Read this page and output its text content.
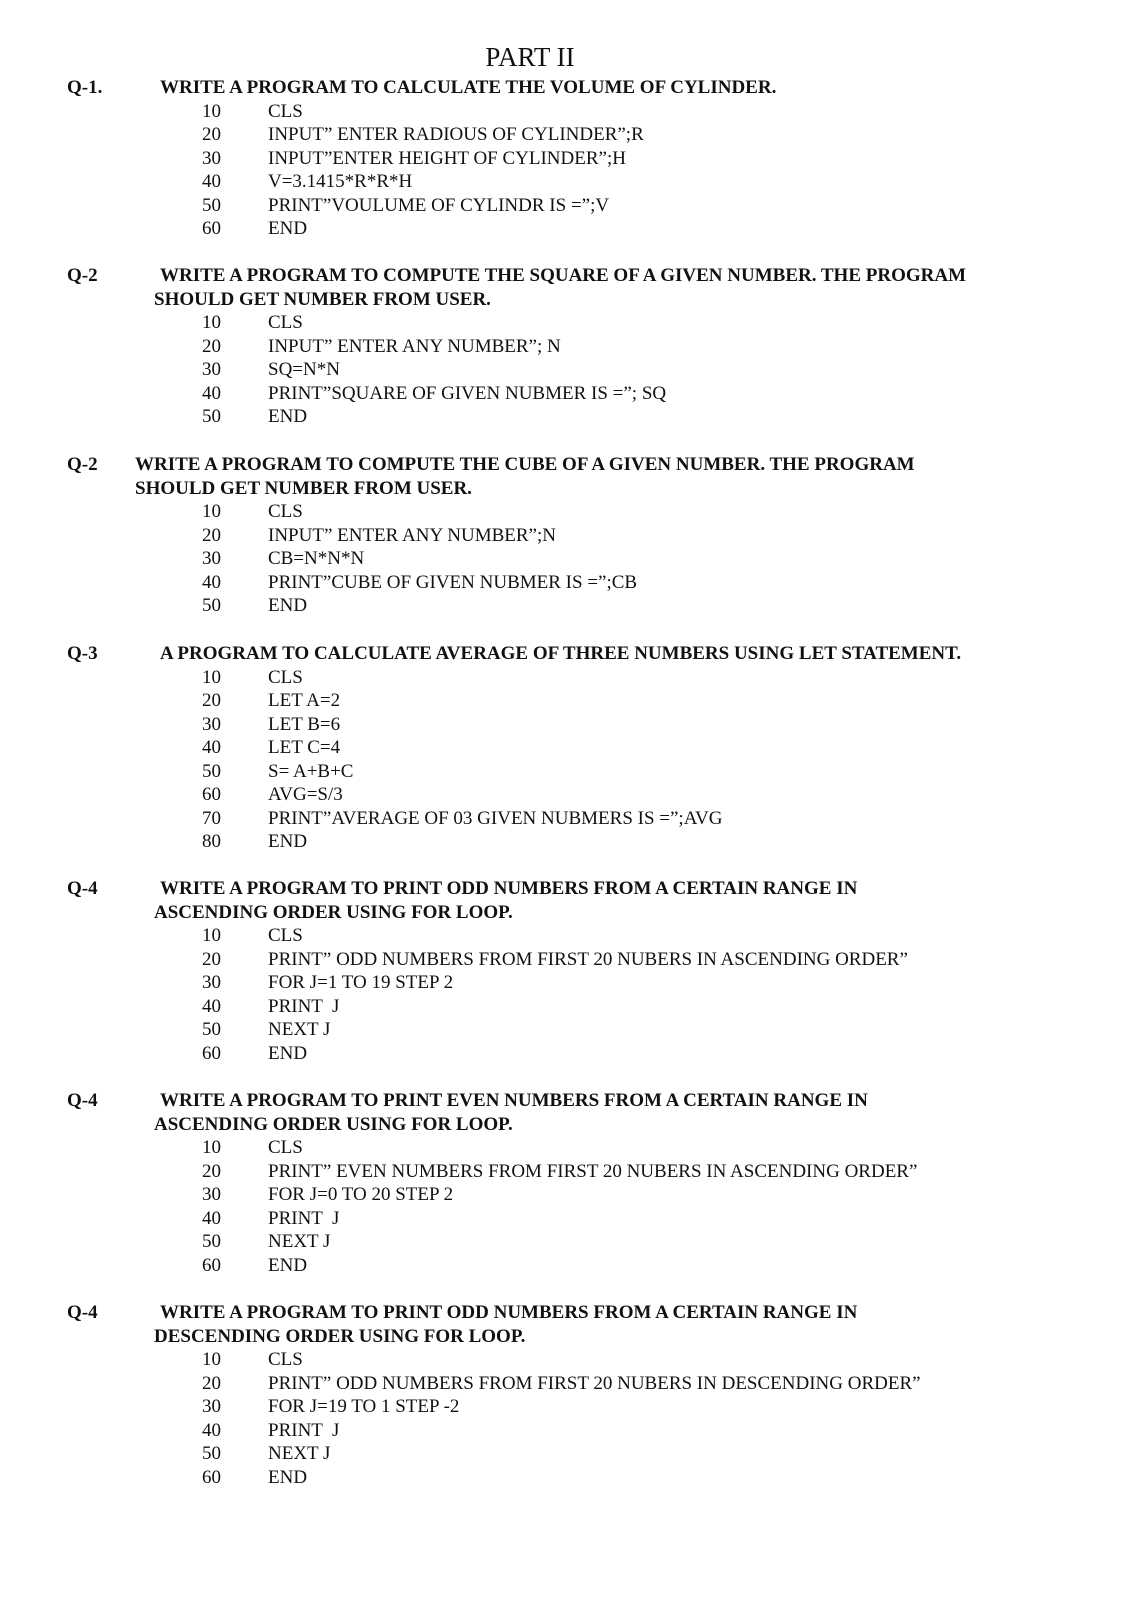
PART II
Q-1.	WRITE A PROGRAM TO CALCULATE THE VOLUME OF CYLINDER.
10 CLS
20 INPUT” ENTER RADIOUS OF CYLINDER”;R
30 INPUT”ENTER HEIGHT OF CYLINDER”;H
40 V=3.1415*R*R*H
50 PRINT”VOULUME OF CYLINDR IS =”;V
60 END
Q-2	WRITE A PROGRAM TO COMPUTE THE SQUARE OF A GIVEN NUMBER. THE PROGRAM
SHOULD GET NUMBER FROM USER.
10 CLS
20 INPUT” ENTER ANY NUMBER”; N
30 SQ=N*N
40 PRINT”SQUARE OF GIVEN NUBMER IS =”; SQ
50 END
Q-2 WRITE A PROGRAM TO COMPUTE THE CUBE OF A GIVEN NUMBER. THE PROGRAM
SHOULD GET NUMBER FROM USER.
10 CLS
20 INPUT” ENTER ANY NUMBER”;N
30 CB=N*N*N
40 PRINT”CUBE OF GIVEN NUBMER IS =”;CB
50 END
Q-3	A PROGRAM TO CALCULATE AVERAGE OF THREE NUMBERS USING LET STATEMENT.
10 CLS
20 LET A=2
30 LET B=6
40 LET C=4
50 S= A+B+C
60 AVG=S/3
70 PRINT”AVERAGE OF 03 GIVEN NUBMERS IS =”;AVG
80 END
Q-4	WRITE A PROGRAM TO PRINT ODD NUMBERS FROM A CERTAIN RANGE IN
ASCENDING ORDER USING FOR LOOP.
10 CLS
20 PRINT” ODD NUMBERS FROM FIRST 20 NUBERS IN ASCENDING ORDER”
30 FOR J=1 TO 19 STEP 2
40 PRINT  J
50 NEXT J
60 END
Q-4	WRITE A PROGRAM TO PRINT EVEN NUMBERS FROM A CERTAIN RANGE IN
ASCENDING ORDER USING FOR LOOP.
10 CLS
20 PRINT” EVEN NUMBERS FROM FIRST 20 NUBERS IN ASCENDING ORDER”
30 FOR J=0 TO 20 STEP 2
40 PRINT  J
50 NEXT J
60 END
Q-4	WRITE A PROGRAM TO PRINT ODD NUMBERS FROM A CERTAIN RANGE IN
DESCENDING ORDER USING FOR LOOP.
10 CLS
20 PRINT” ODD NUMBERS FROM FIRST 20 NUBERS IN DESCENDING ORDER”
30 FOR J=19 TO 1 STEP -2
40 PRINT  J
50 NEXT J
60 END
